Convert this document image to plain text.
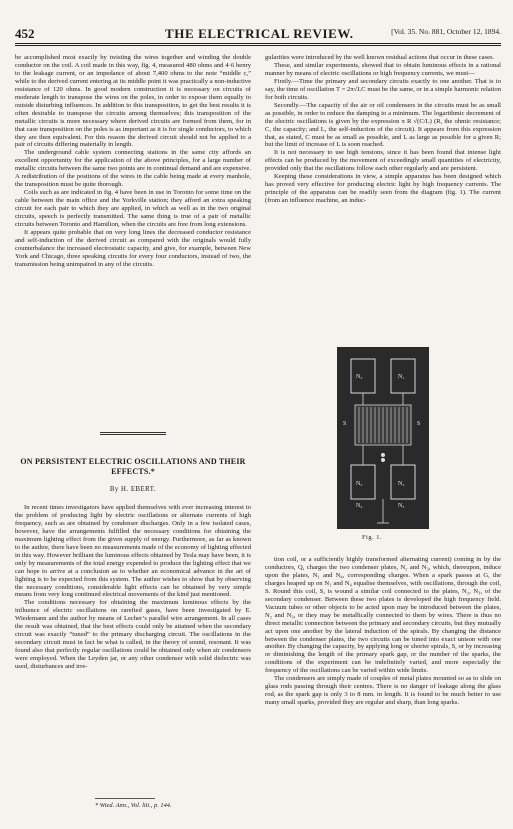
452	THE ELECTRICAL REVIEW.	[Vol. 35. No. 881, October 12, 1894.

be accomplished most exactly by twisting the wires together and winding the double conductor on the coil. A coil made in this way, fig. 4, measured 480 ohms and 4·6 henry to the leakage current, or an impedance of about 7,400 ohms to the note “middle c,” while to the derived current entering at its middle point it was practically a non-inductive resistance of 120 ohms. In good modern construction it is necessary on circuits of moderate length to transpose the wires on the poles, in order to expose them equally to outside disturbing influences. In addition to this transposition, to get the best results it is often desirable to transpose the circuits among themselves; this transposition of the metallic circuits is more necessary where derived circuits are formed from them, for in that case transposition on the poles is as important as it is for single conductors, to which they are then equivalent. For this reason the derived circuit should not be applied to a pair of circuits differing materially in length.

The underground cable system connecting stations in the same city affords an excellent opportunity for the application of the above principles, for a large number of metallic circuits between the same two points are in continual demand and are expensive. A redistribution of the positions of the wires in the cable being made at every manhole, the transposition must be quite thorough.

Coils such as are indicated in fig. 4 have been in use in Toronto for some time on the cable between the main office and the Yorkville station; they afford an extra speaking circuit for each pair to which they are applied, in which as well as in the two original circuits, speech is perfectly transmitted. The same thing is true of a pair of metallic circuits between Toronto and Hamilton, when the circuits are free from long extensions.

It appears quite probable that on very long lines the decreased conductor resistance and self-induction of the derived circuit as compared with the originals would fully counterbalance the increased electrostatic capacity, and give, for example, between New York and Chicago, three speaking circuits for every four conductors, instead of two, the transmission being unimpaired in any of the circuits.

ON PERSISTENT ELECTRIC OSCILLATIONS AND THEIR EFFECTS.*
By H. EBERT.

In recent times investigators have applied themselves with ever increasing interest to the problem of producing light by electric oscillations or alternate currents of high frequency, such as are obtained by condenser discharges. Only in a few isolated cases, however, have the arrangements fulfilled the necessary conditions for obtaining the maximum lighting effect from the given supply of energy. Furthermore, as far as known to the author, there have been no measurements made of the economy of lighting effected in this way. However brilliant the luminous effects obtained by Tesla may have been, it is only by measurements of the total energy expended to produce the lighting effect that we can hope to arrive at a conclusion as to whether an economical advance in the art of lighting is to be expected from this system. The author wishes to show that by observing the necessary conditions, considerable light effects can be obtained by very simple means from very long continued electrical movements of the kind just mentioned.

The conditions necessary for obtaining the maximum luminous effects by the influence of electric oscillations on rarefied gases, have been investigated by E. Wiedemann and the author by means of Lecher’s parallel wire arrangement. In all cases the result was obtained, that the best effects could only be attained when the secondary circuit was exactly “tuned” to the primary discharging circuit. The oscillations in the secondary circuit must in fact be what is called, in the theory of sound, resonant. It was found also that perfectly regular oscillations could be obtained only when air condensers were employed. When the Leyden jar, or any other condenser with solid dielectric was used, disturbances and irre-

* Wied. Ann., Vol. liii., p. 144.

gularities were introduced by the well known residual actions that occur in these cases.

These, and similar experiments, showed that to obtain luminous effects in a rational manner by means of electric oscillations or high frequency currents, we must—

Firstly.—Time the primary and secondary circuits exactly to one another. That is to say, the time of oscillation T = 2π√LC must be the same, or in a simple harmonic relation for both circuits.

Secondly.—The capacity of the air or oil condensers in the circuits must be as small as possible, in order to reduce the damping to a minimum. The logarithmic decrement of the electric oscillations is given by the expression π R √(C/L) (R, the ohmic resistance; C, the capacity; and L, the self-induction of the circuit). It appears from this expression that, as stated, C must be as small as possible, and L as large as possible for a given R; but the limit of increase of L is soon reached.

It is not necessary to use high tensions, since it has been found that intense light effects can be produced by the movement of exceedingly small quantities of electricity, provided only that the oscillations follow each other regularly and are persistent.

Keeping these considerations in view, a simple apparatus has been designed which has proved very effective for producing electric light by high frequency currents. The principle of the apparatus can be readily seen from the diagram (fig. 1). The current (from an influence machine, an induc-

N₂	N₁
S	S
N₃	N₂
N₄	N₃
Fig. 1.

tion coil, or a sufficiently highly transformed alternating current) coming in by the conductors, Q, charges the two condenser plates, N₂ and N₃, which, thereupon, induce upon the plates, N₁ and N₄, corresponding charges. When a spark passes at G, the charges heaped up on N₁ and N₄ equalise themselves, with oscillations, through the coil, S. Round this coil, S, is wound a similar coil connected to the plates, N₂, N₃, of the secondary condenser. Between these two plates is developed the high frequency field. Vacuum tubes or other objects to be acted upon may be introduced between the plates, N₂ and N₃, or they may be metallically connected to them by wires. There is thus no direct metallic connection between the primary and secondary circuits, but they mutually act upon one another by the lateral induction of the spirals. By changing the distance between the condenser plates, the two circuits can be tuned into exact unison with one another. By changing the capacity, by applying long or shorter spirals, S, or by increasing or diminishing the length of the primary spark gap, or the number of the sparks, the conditions of the experiment can be indefinitely varied, and more especially the frequency of the oscillations can be varied within wide limits.

The condensers are simply made of couples of metal plates mounted so as to slide on glass rods passing through their centres. There is no danger of leakage along the glass rod, as the spark gap is only 3 to 8 mm. in length. It is found to be much better to use many small sparks, provided they are regular and sharp, than long sparks.
